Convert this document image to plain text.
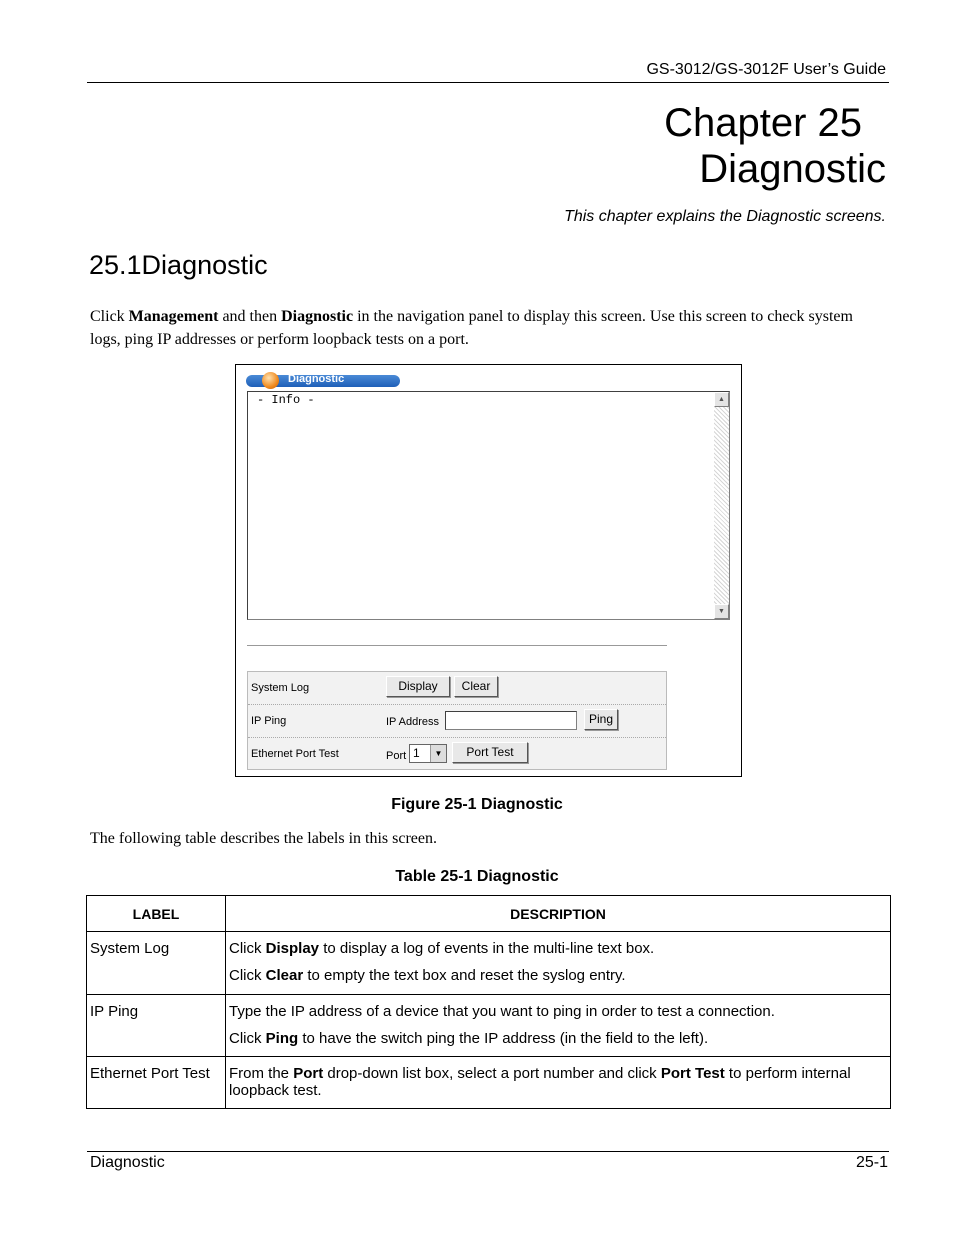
GS-3012/GS-3012F User’s Guide
Chapter 25
Diagnostic
This chapter explains the Diagnostic screens.
25.1Diagnostic
Click Management and then Diagnostic in the navigation panel to display this screen. Use this screen to check system logs, ping IP addresses or perform loopback tests on a port.
Diagnostic
- Info -	▲
▼
System Log	Display	Clear
IP Ping	IP Address	Ping
Ethernet Port Test	Port 1	▼	Port Test
Figure 25-1 Diagnostic
The following table describes the labels in this screen.
Table 25-1 Diagnostic
LABEL	DESCRIPTION
System Log	Click Display to display a log of events in the multi-line text box.

Click Clear to empty the text box and reset the syslog entry.

IP Ping	Type the IP address of a device that you want to ping in order to test a connection.

Click Ping to have the switch ping the IP address (in the field to the left).

Ethernet Port Test	From the Port drop-down list box, select a port number and click Port Test to perform internal loopback test.

Diagnostic	25-1
